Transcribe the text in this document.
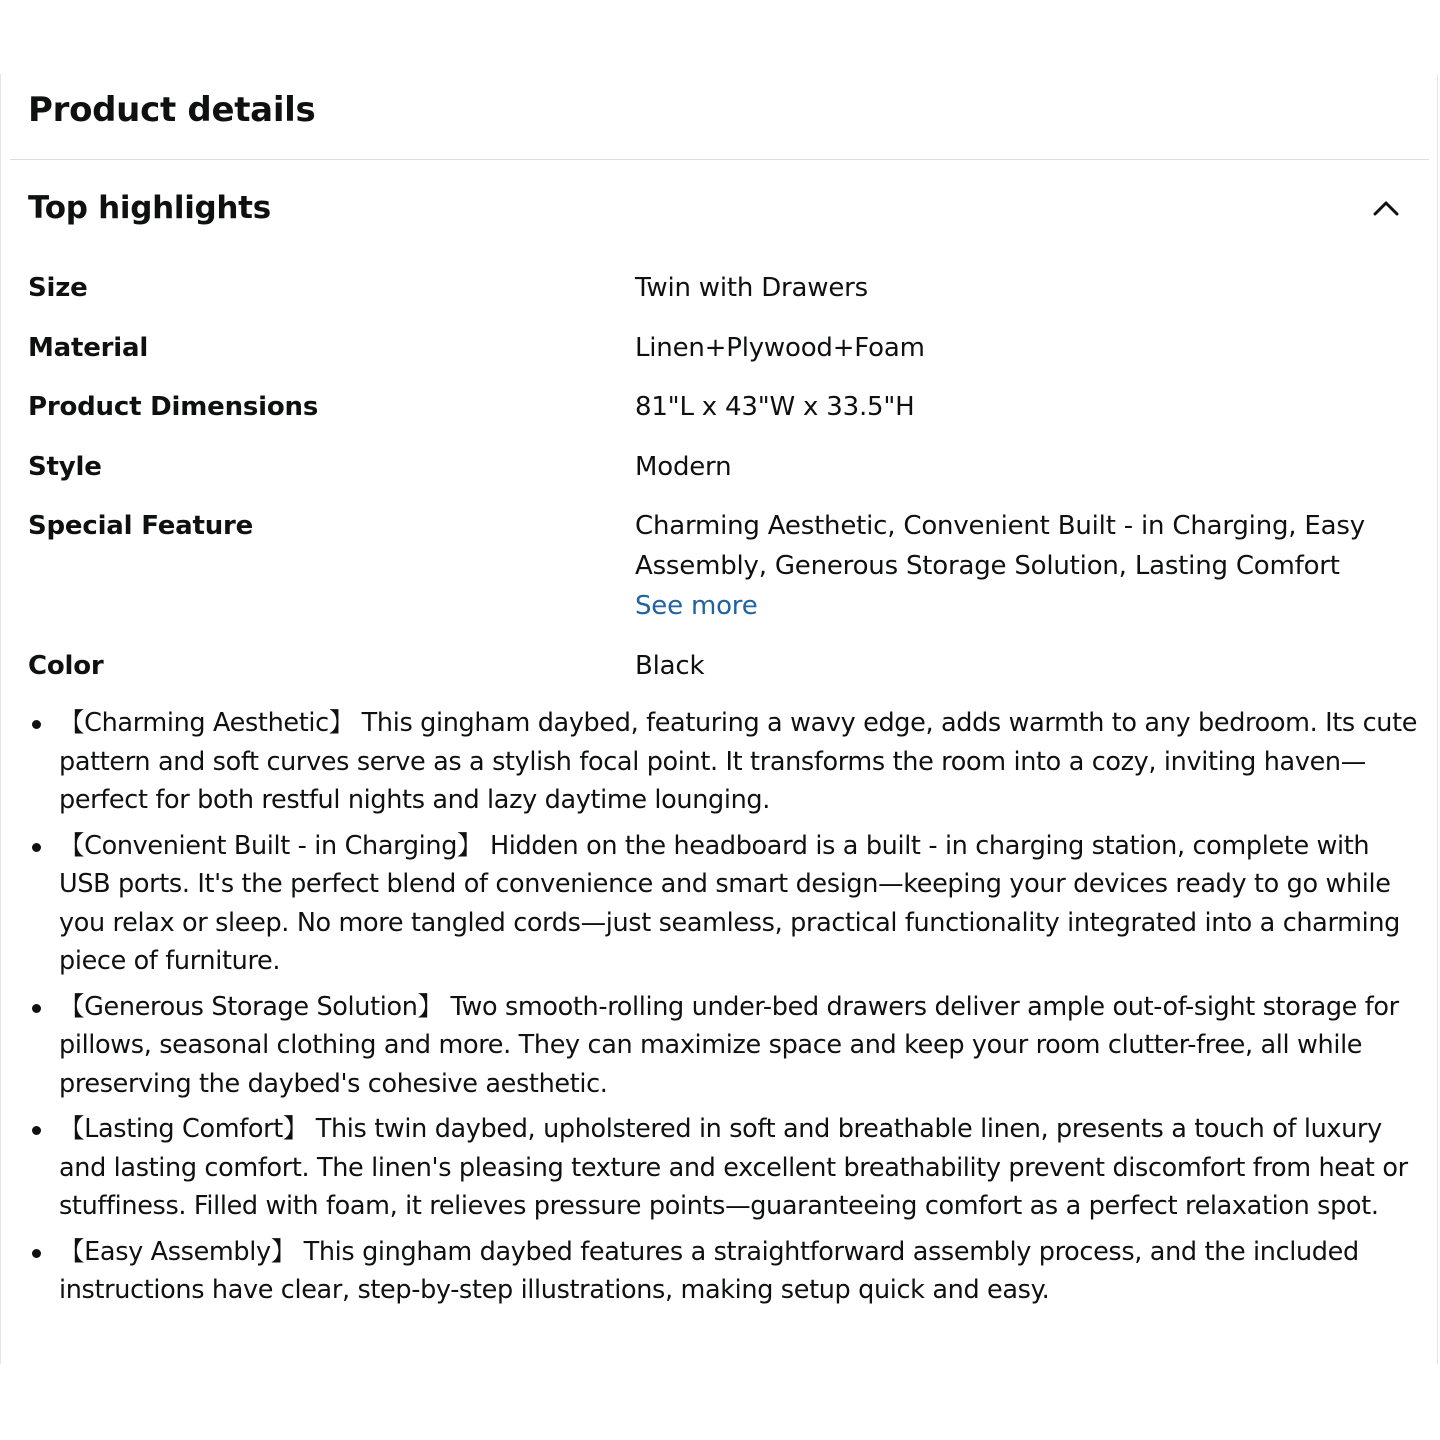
Product details
Top highlights
Size	Twin with Drawers
Material	Linen+Plywood+Foam
Product Dimensions	81"L x 43"W x 33.5"H
Style	Modern
Special Feature	Charming Aesthetic, Convenient Built - in Charging, Easy Assembly, Generous Storage Solution, Lasting Comfort
See more
Color	Black
【Charming Aesthetic】 This gingham daybed, featuring a wavy edge, adds warmth to any bedroom. Its cute pattern and soft curves serve as a stylish focal point. It transforms the room into a cozy, inviting haven—perfect for both restful nights and lazy daytime lounging.
【Convenient Built - in Charging】 Hidden on the headboard is a built - in charging station, complete with USB ports. It's the perfect blend of convenience and smart design—keeping your devices ready to go while you relax or sleep. No more tangled cords—just seamless, practical functionality integrated into a charming piece of furniture.
【Generous Storage Solution】 Two smooth-rolling under-bed drawers deliver ample out-of-sight storage for pillows, seasonal clothing and more. They can maximize space and keep your room clutter-free, all while preserving the daybed's cohesive aesthetic.
【Lasting Comfort】 This twin daybed, upholstered in soft and breathable linen, presents a touch of luxury and lasting comfort. The linen's pleasing texture and excellent breathability prevent discomfort from heat or stuffiness. Filled with foam, it relieves pressure points—guaranteeing comfort as a perfect relaxation spot.
【Easy Assembly】 This gingham daybed features a straightforward assembly process, and the included instructions have clear, step-by-step illustrations, making setup quick and easy.
